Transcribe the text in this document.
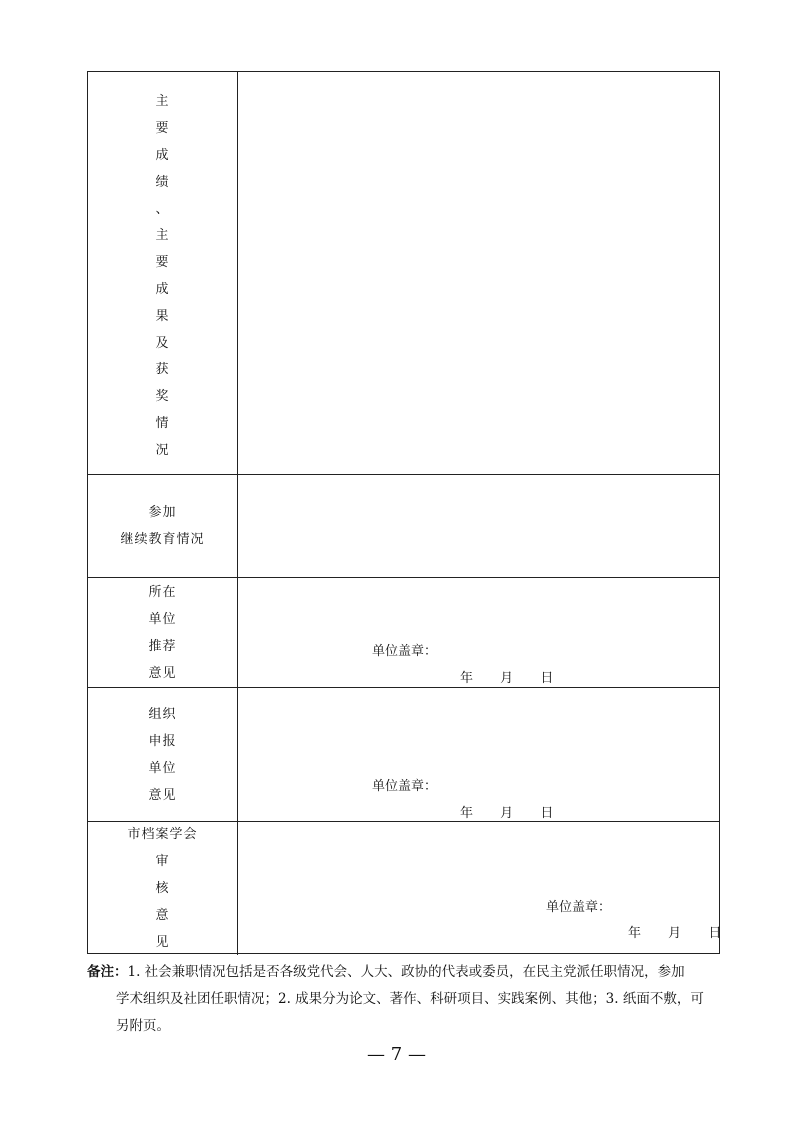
主
要
成
绩
、
主
要
成
果
及
获
奖
情
况
参加
继续教育情况
所在
单位
推荐
意见
单位盖章：
年 月 日
组织
申报
单位
意见
单位盖章：
年 月 日
市档案学会
审
核
意
见
单位盖章：
年 月 日
备注：1. 社会兼职情况包括是否各级党代会、人大、政协的代表或委员，在民主党派任职情况，参加
学术组织及社团任职情况；2. 成果分为论文、著作、科研项目、实践案例、其他；3. 纸面不敷，可
另附页。
— 7 —
